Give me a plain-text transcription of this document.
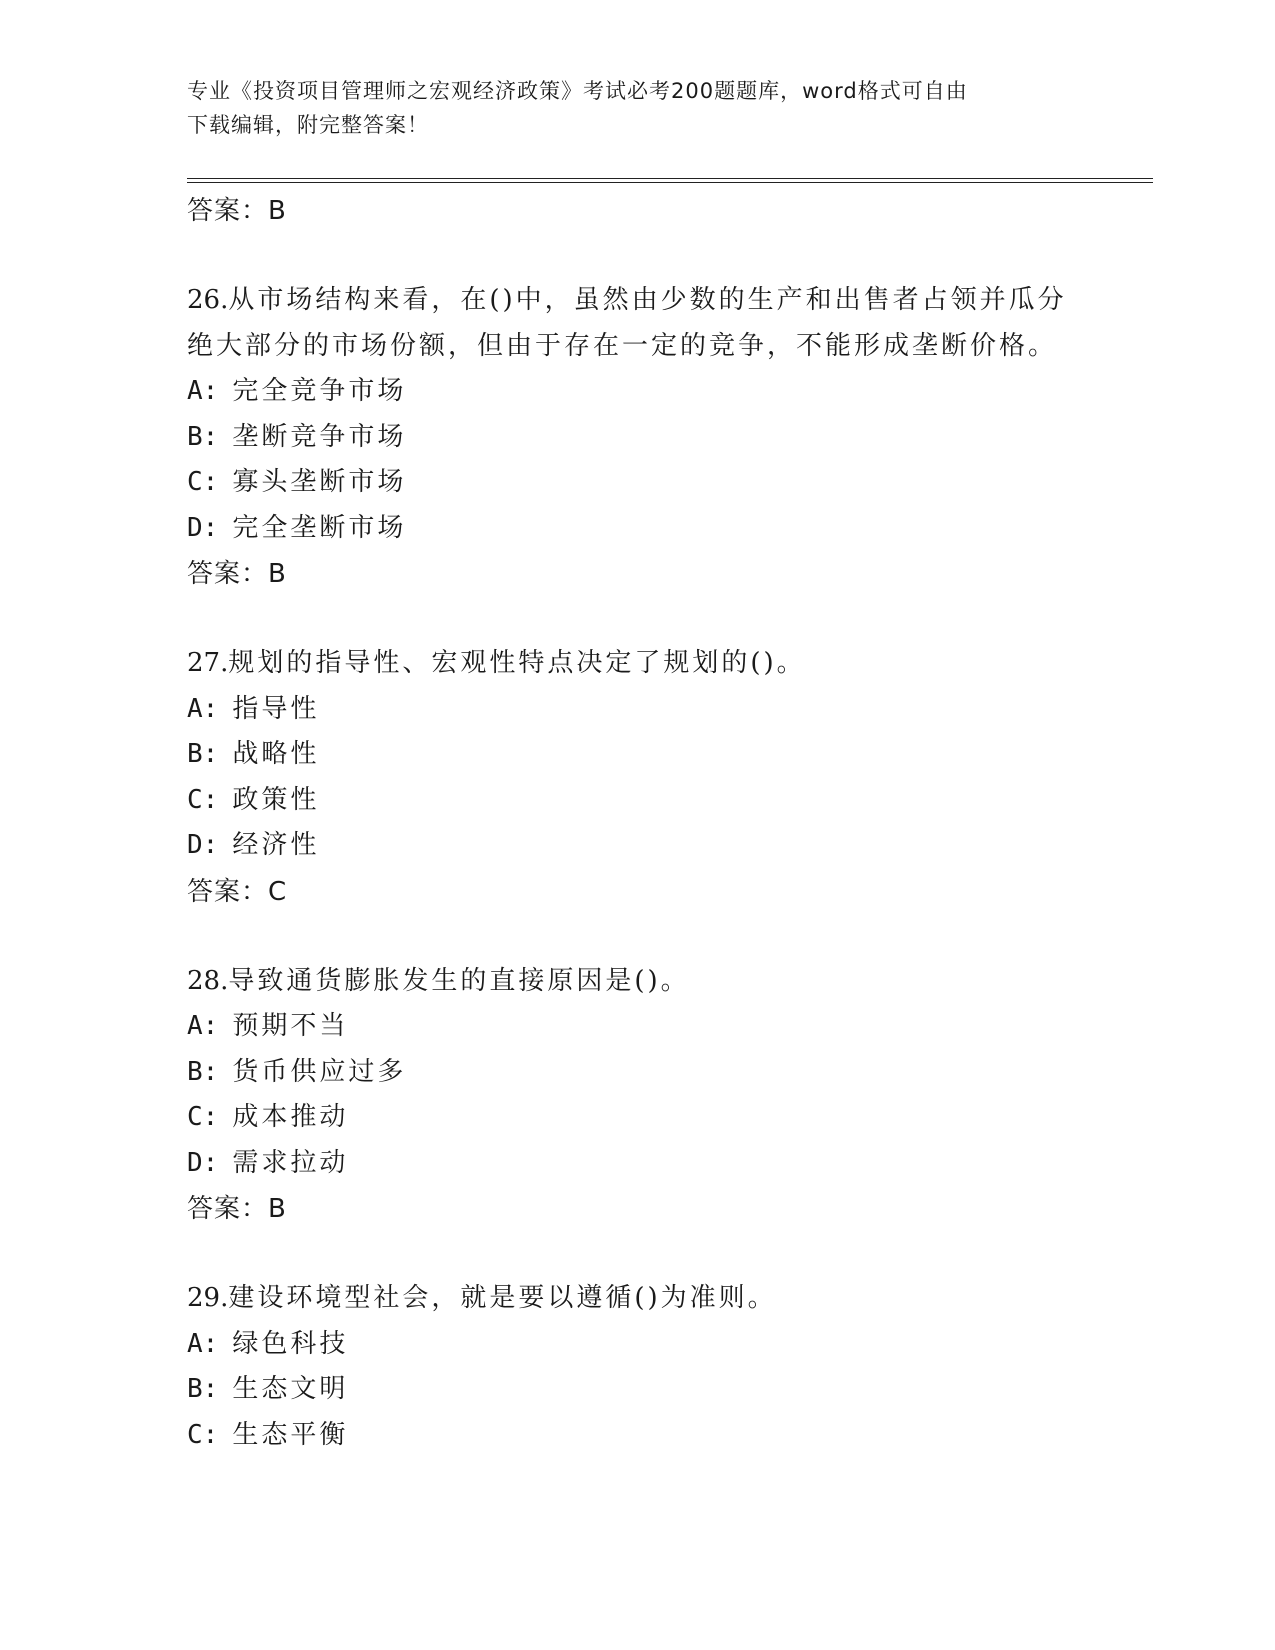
专业《投资项目管理师之宏观经济政策》考试必考200题题库，word格式可自由
下载编辑，附完整答案！

答案：B

26.从市场结构来看，在()中，虽然由少数的生产和出售者占领并瓜分绝大部分的市场份额，但由于存在一定的竞争，不能形成垄断价格。

A: 完全竞争市场

B: 垄断竞争市场

C: 寡头垄断市场

D: 完全垄断市场

答案：B

27.规划的指导性、宏观性特点决定了规划的()。

A: 指导性

B: 战略性

C: 政策性

D: 经济性

答案：C

28.导致通货膨胀发生的直接原因是()。

A: 预期不当

B: 货币供应过多

C: 成本推动

D: 需求拉动

答案：B

29.建设环境型社会，就是要以遵循()为准则。

A: 绿色科技

B: 生态文明

C: 生态平衡
